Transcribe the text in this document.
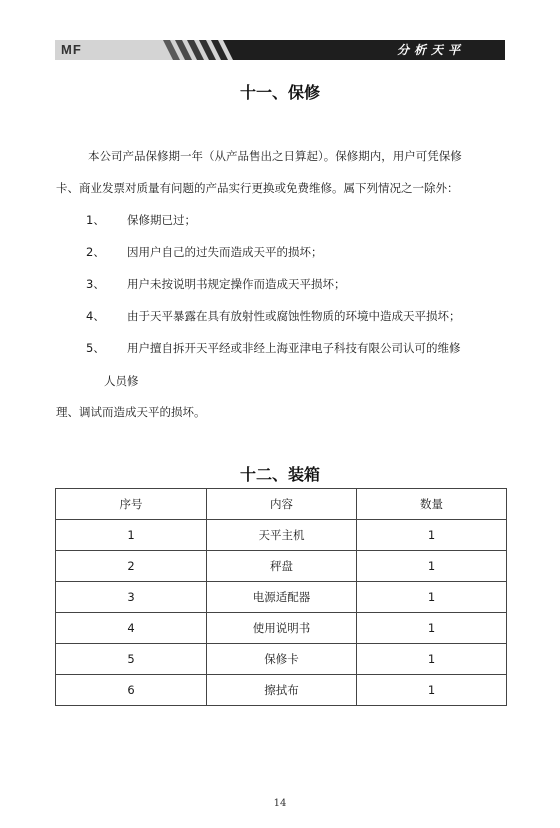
MF	分析天平
十一、保修
本公司产品保修期一年（从产品售出之日算起）。保修期内，用户可凭保修
卡、商业发票对质量有问题的产品实行更换或免费维修。属下列情况之一除外：
1、 保修期已过；
2、 因用户自己的过失而造成天平的损坏；
3、 用户未按说明书规定操作而造成天平损坏；
4、 由于天平暴露在具有放射性或腐蚀性物质的环境中造成天平损坏；
5、 用户擅自拆开天平经或非经上海亚津电子科技有限公司认可的维修
人员修
理、调试而造成天平的损坏。
十二、装箱
序号	内容	数量
1	天平主机	1
2	秤盘	1
3	电源适配器	1
4	使用说明书	1
5	保修卡	1
6	擦拭布	1
14
